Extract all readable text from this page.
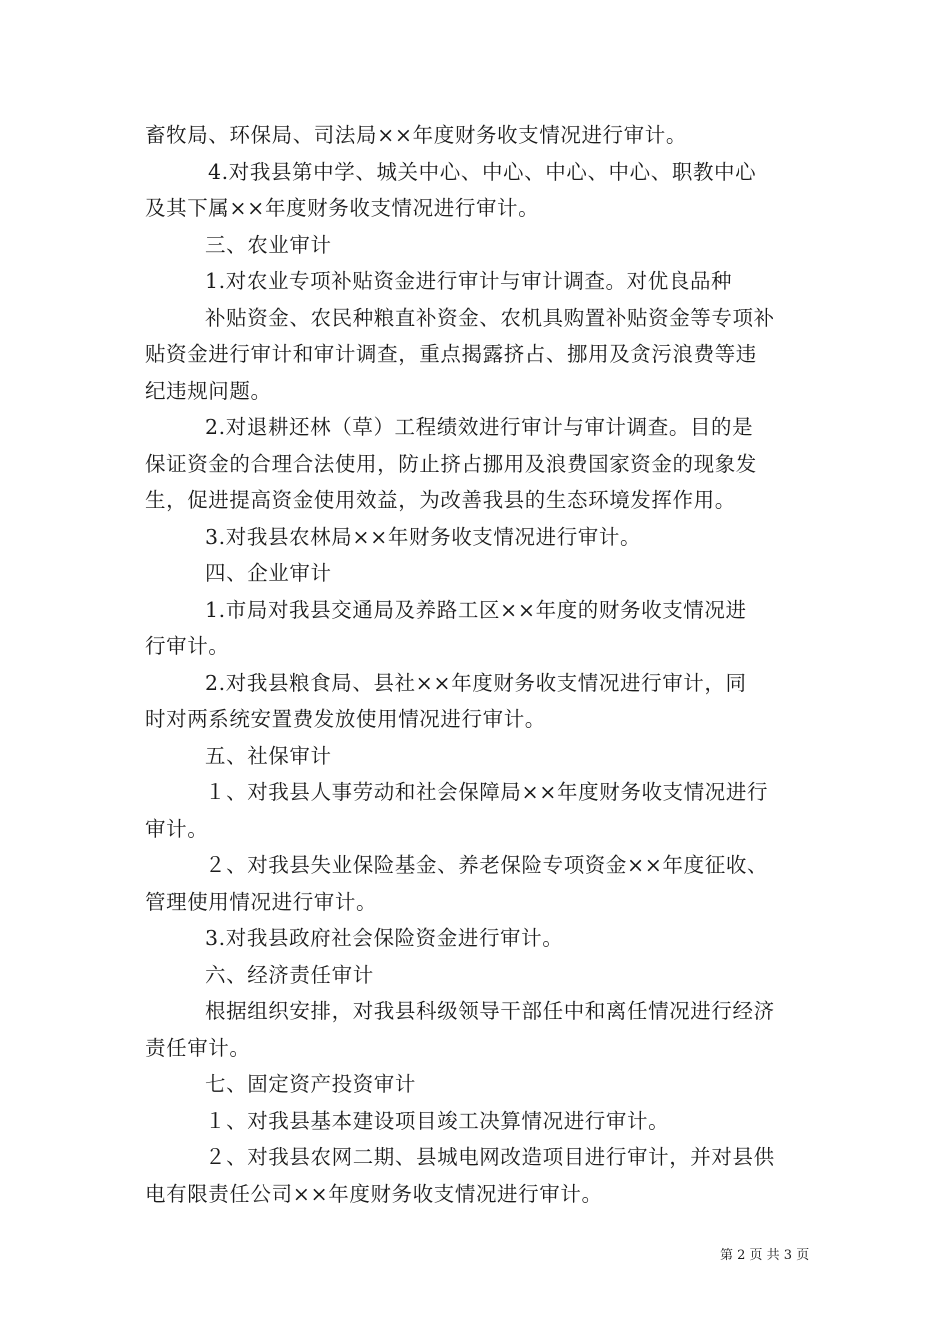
畜牧局、环保局、司法局××年度财务收支情况进行审计。
4.对我县第中学、城关中心、中心、中心、中心、职教中心
及其下属××年度财务收支情况进行审计。
三、农业审计
1.对农业专项补贴资金进行审计与审计调查。对优良品种
补贴资金、农民种粮直补资金、农机具购置补贴资金等专项补
贴资金进行审计和审计调查，重点揭露挤占、挪用及贪污浪费等违
纪违规问题。
2.对退耕还林（草）工程绩效进行审计与审计调查。目的是
保证资金的合理合法使用，防止挤占挪用及浪费国家资金的现象发
生，促进提高资金使用效益，为改善我县的生态环境发挥作用。
3.对我县农林局××年财务收支情况进行审计。
四、企业审计
1.市局对我县交通局及养路工区××年度的财务收支情况进
行审计。
2.对我县粮食局、县社××年度财务收支情况进行审计，同
时对两系统安置费发放使用情况进行审计。
五、社保审计
１、对我县人事劳动和社会保障局××年度财务收支情况进行
审计。
２、对我县失业保险基金、养老保险专项资金××年度征收、
管理使用情况进行审计。
3.对我县政府社会保险资金进行审计。
六、经济责任审计
根据组织安排，对我县科级领导干部任中和离任情况进行经济
责任审计。
七、固定资产投资审计
１、对我县基本建设项目竣工决算情况进行审计。
２、对我县农网二期、县城电网改造项目进行审计，并对县供
电有限责任公司××年度财务收支情况进行审计。
第 2 页 共 3 页
